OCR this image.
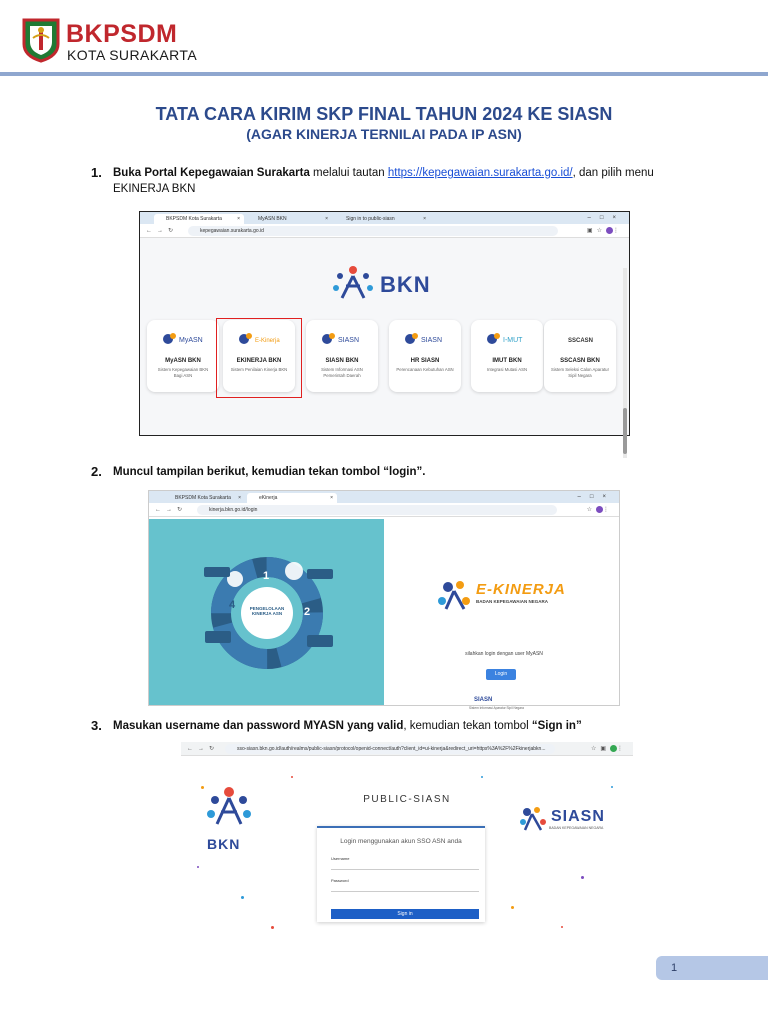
BKPSDM
KOTA SURAKARTA
TATA CARA KIRIM SKP FINAL TAHUN 2024 KE SIASN
(AGAR KINERJA TERNILAI PADA IP ASN)
1. Buka Portal Kepegawaian Surakarta melalui tautan https://kepegawaian.surakarta.go.id/, dan pilih menu EKINERJA BKN
BKPSDM Kota Surakarta	×	MyASN BKN	×	Sign in to public-siasn	×	–□×
←→↻	kepegawaian.surakarta.go.id	▣☆ ⋮
BKN
MyASN
MyASN BKN
Sistem Kepegawaian BKN Bagi ASN
E-Kinerja
EKINERJA BKN
Sistem Penilaian Kinerja BKN
SIASN
SIASN BKN
Sistem Informasi ASN Pemerintah Daerah
SIASN
HR SIASN
Perencanaan Kebutuhan ASN
I-MUT
IMUT BKN
Integrasi Mutasi ASN
SSCASN
SSCASN BKN
Sistem Seleksi Calon Aparatur Sipil Negara
2. Muncul tampilan berikut, kemudian tekan tombol “login”.
BKPSDM Kota Surakarta ×	eKinerja	×	–□×
←→↻	kinerja.bkn.go.id/login	☆ ⋮
PENGELOLAAN KINERJA ASN
1
2
3
4
E-KINERJA
BADAN KEPEGAWAIAN NEGARA
silahkan login dengan user MyASN
Login
SIASN
Sistem Informasi Aparatur Sipil Negara
3. Masukan username dan password MYASN yang valid, kemudian tekan tombol “Sign in”
←→↻	sso-siasn.bkn.go.id/auth/realms/public-siasn/protocol/openid-connect/auth?client_id=ui-kinerja&redirect_uri=https%3A%2F%2Fkinerjabkn...	☆▣ ⋮
BKN
PUBLIC-SIASN
SIASN
BADAN KEPEGAWAIAN NEGARA
Login menggunakan akun SSO ASN anda
Username
Password
Sign in
1
